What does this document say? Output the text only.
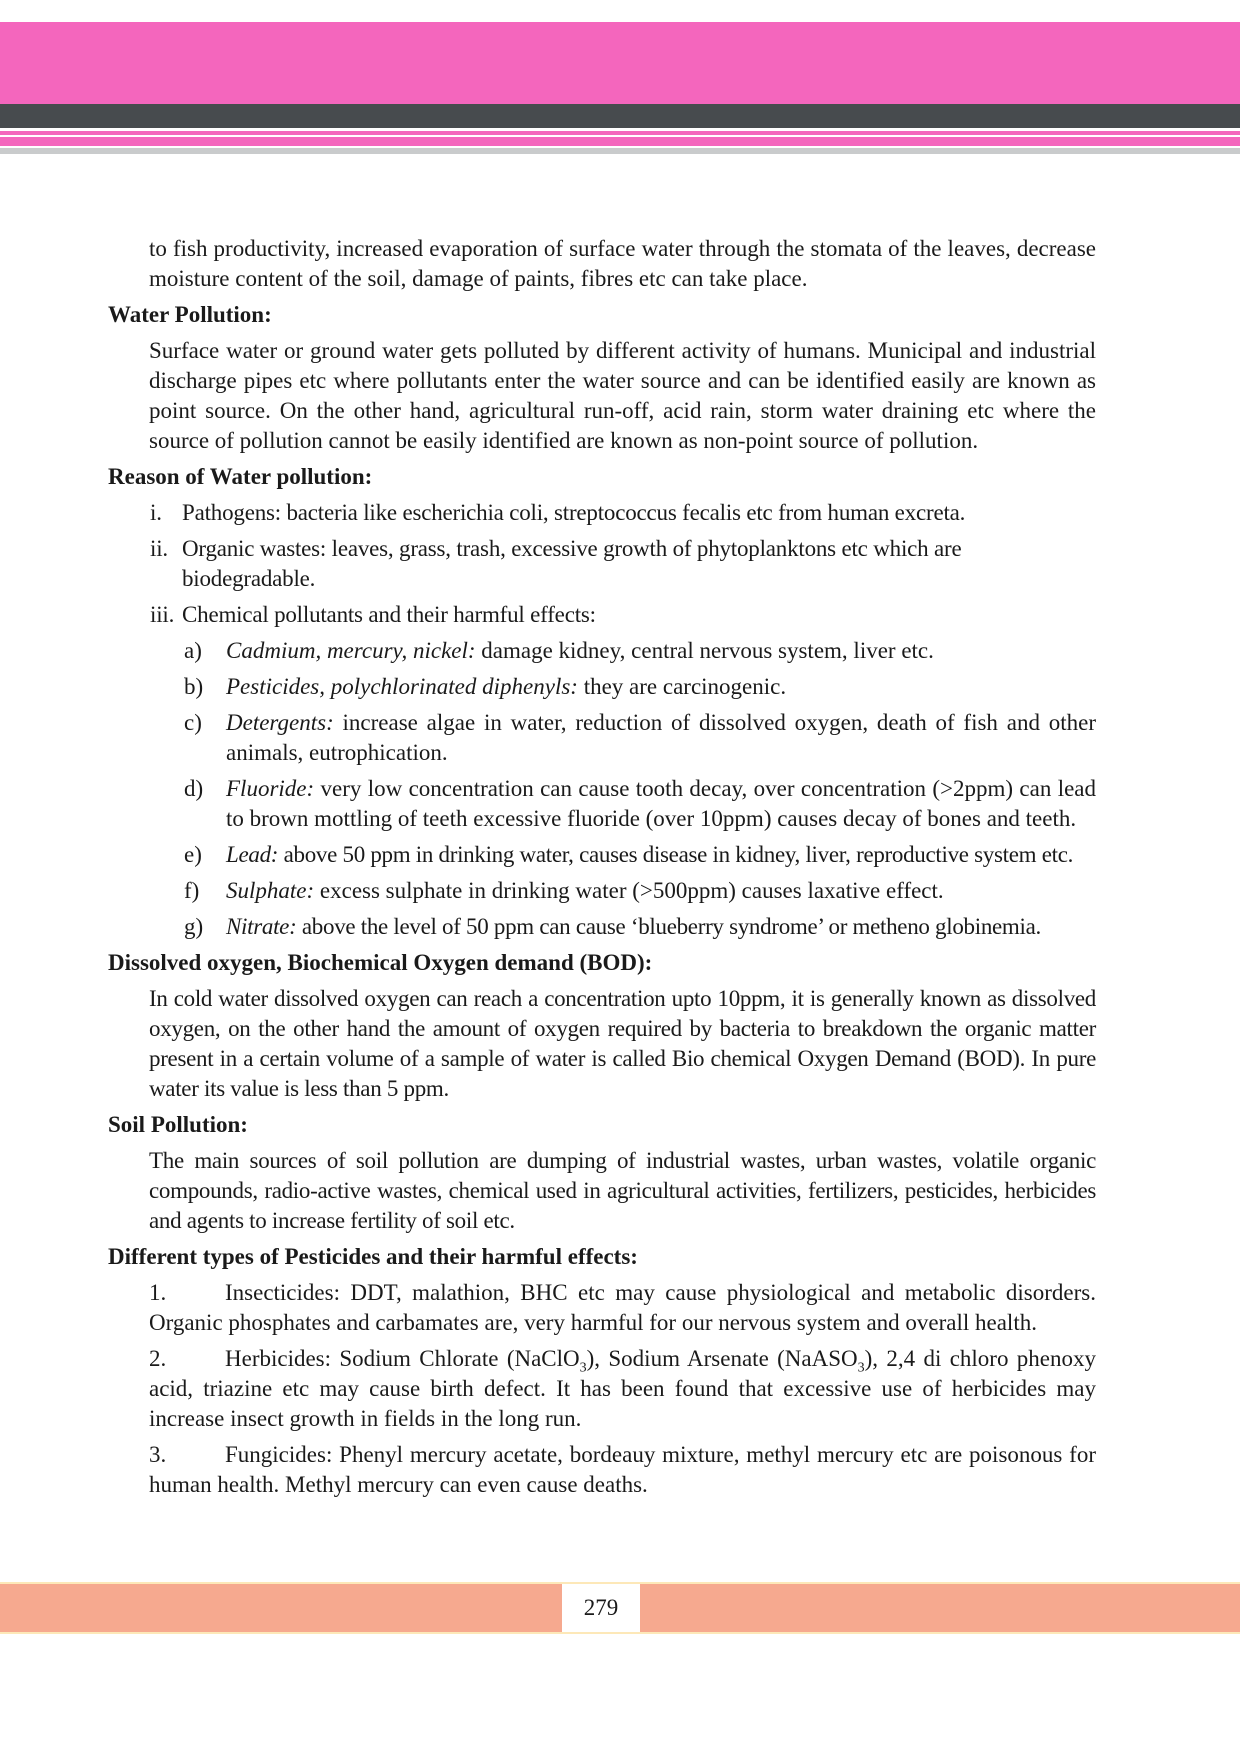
to fish productivity, increased evaporation of surface water through the stomata of the leaves, decrease moisture content of the soil, damage of paints, fibres etc can take place.
Water Pollution:
Surface water or ground water gets polluted by different activity of humans. Municipal and industrial discharge pipes etc where pollutants enter the water source and can be identified easily are known as point source. On the other hand, agricultural run-off, acid rain, storm water draining etc where the source of pollution cannot be easily identified are known as non-point source of pollution.
Reason of Water pollution:
i. Pathogens: bacteria like escherichia coli, streptococcus fecalis etc from human excreta.
ii. Organic wastes: leaves, grass, trash, excessive growth of phytoplanktons etc which are biodegradable.
iii. Chemical pollutants and their harmful effects:
a)	Cadmium, mercury, nickel: damage kidney, central nervous system, liver etc.
b) Pesticides, polychlorinated diphenyls: they are carcinogenic.
c)	Detergents: increase algae in water, reduction of dissolved oxygen, death of fish and other animals, eutrophication.
d) Fluoride: very low concentration can cause tooth decay, over concentration (>2ppm) can lead to brown mottling of teeth excessive fluoride (over 10ppm) causes decay of bones and teeth.
e)	Lead: above 50 ppm in drinking water, causes disease in kidney, liver, reproductive system etc.
f)	Sulphate: excess sulphate in drinking water (>500ppm) causes laxative effect.
g) Nitrate: above the level of 50 ppm can cause ‘blueberry syndrome’ or metheno globinemia.
Dissolved oxygen, Biochemical Oxygen demand (BOD):
In cold water dissolved oxygen can reach a concentration upto 10ppm, it is generally known as dissolved oxygen, on the other hand the amount of oxygen required by bacteria to breakdown the organic matter present in a certain volume of a sample of water is called Bio chemical Oxygen Demand (BOD). In pure water its value is less than 5 ppm.
Soil Pollution:
The main sources of soil pollution are dumping of industrial wastes, urban wastes, volatile organic compounds, radio-active wastes, chemical used in agricultural activities, fertilizers, pesticides, herbicides and agents to increase fertility of soil etc.
Different types of Pesticides and their harmful effects:
1.	Insecticides: DDT, malathion, BHC etc may cause physiological and metabolic disorders. Organic phosphates and carbamates are, very harmful for our nervous system and overall health.
2.	Herbicides: Sodium Chlorate (NaClO$_3$), Sodium Arsenate (NaASO$_3$), 2,4 di chloro phenoxy acid, triazine etc may cause birth defect. It has been found that excessive use of herbicides may increase insect growth in fields in the long run.
3.	Fungicides: Phenyl mercury acetate, bordeauy mixture, methyl mercury etc are poisonous for human health. Methyl mercury can even cause deaths.
279
